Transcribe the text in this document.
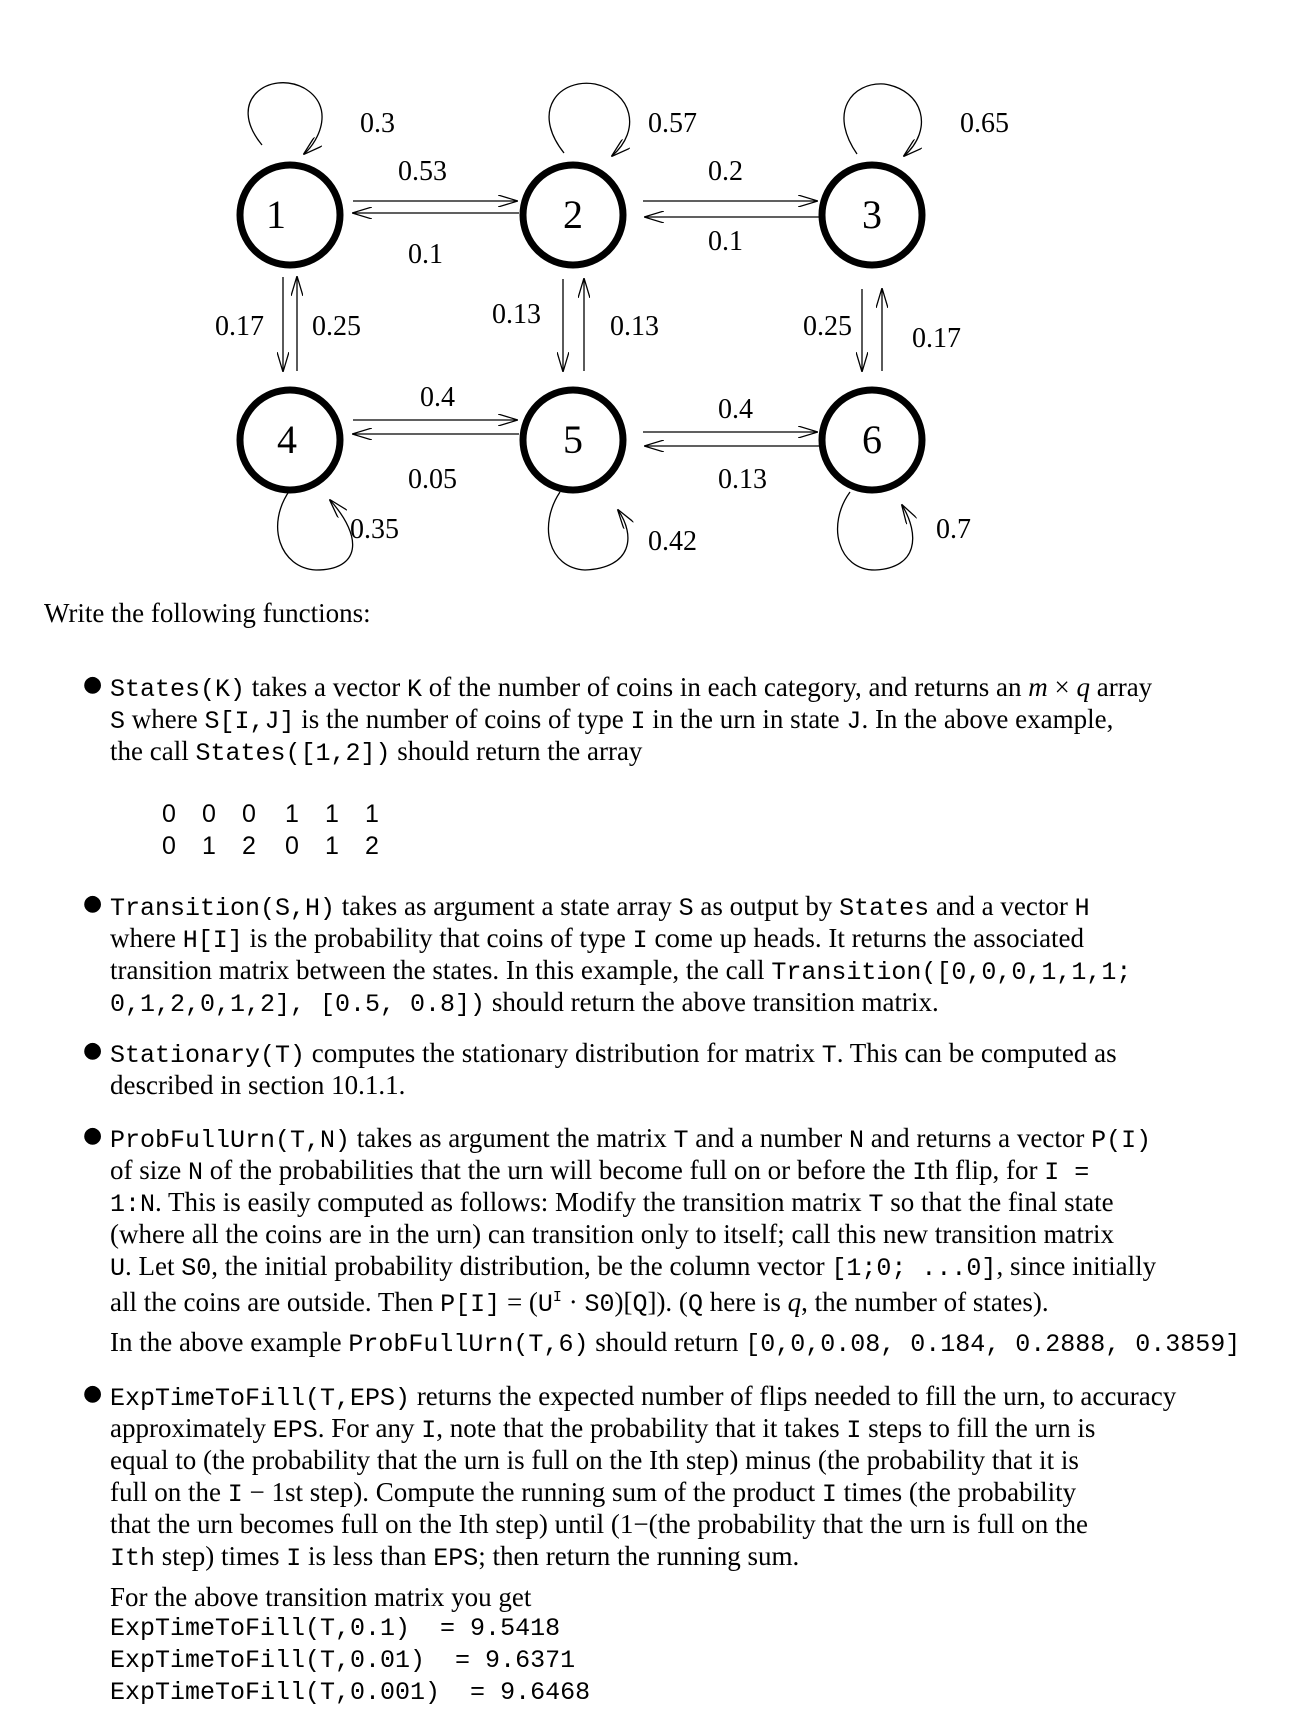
1	2	3
4	5	6
0.3	0.57	0.65
0.35	0.42	0.7
0.53
0.1
0.2
0.1
0.17 0.25	0.13 0.13	0.25 0.17
0.4
0.05
0.4
0.13
Write the following functions:
● States(K) takes a vector K of the number of coins in each category, and returns an m × q array
S where S[I,J] is the number of coins of type I in the urn in state J. In the above example,
the call States([1,2]) should return the array
0 0 0 1 1 1
0 1 2 0 1 2
● Transition(S,H) takes as argument a state array S as output by States and a vector H
where H[I] is the probability that coins of type I come up heads. It returns the associated
transition matrix between the states. In this example, the call Transition([0,0,0,1,1,1;
0,1,2,0,1,2], [0.5, 0.8]) should return the above transition matrix.
● Stationary(T) computes the stationary distribution for matrix T. This can be computed as
described in section 10.1.1.
● ProbFullUrn(T,N) takes as argument the matrix T and a number N and returns a vector P(I)
of size N of the probabilities that the urn will become full on or before the Ith flip, for I =
1:N. This is easily computed as follows: Modify the transition matrix T so that the final state
(where all the coins are in the urn) can transition only to itself; call this new transition matrix
U. Let S0, the initial probability distribution, be the column vector [1;0; ...0], since initially
all the coins are outside. Then $P[I] = (U^I \cdot S0)[Q]$). (Q here is q, the number of states).
In the above example ProbFullUrn(T,6) should return [0,0,0.08, 0.184, 0.2888, 0.3859]
● ExpTimeToFill(T,EPS) returns the expected number of flips needed to fill the urn, to accuracy
approximately EPS. For any I, note that the probability that it takes I steps to fill the urn is
equal to (the probability that the urn is full on the Ith step) minus (the probability that it is
full on the I − 1st step). Compute the running sum of the product I times (the probability
that the urn becomes full on the Ith step) until (1−(the probability that the urn is full on the
Ith step) times I is less than EPS; then return the running sum.
For the above transition matrix you get
ExpTimeToFill(T,0.1)  = 9.5418
ExpTimeToFill(T,0.01)  = 9.6371
ExpTimeToFill(T,0.001)  = 9.6468
